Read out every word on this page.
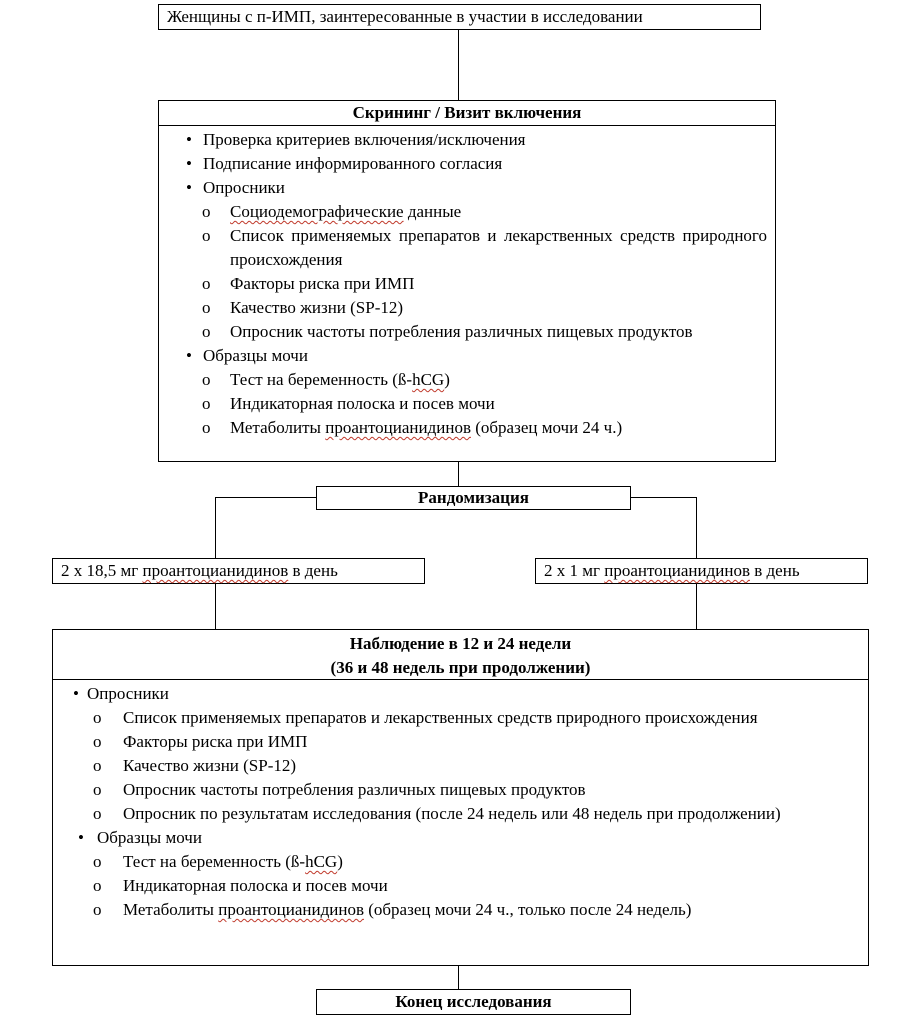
Женщины с п-ИМП, заинтересованные в участии в исследовании
Скрининг / Визит включения
• Проверка критериев включения/исключения
• Подписание информированного согласия
• Опросники
o Социодемографические данные
o Список применяемых препаратов и лекарственных средств природного происхождения
o Факторы риска при ИМП
o Качество жизни (SP-12)
o Опросник частоты потребления различных пищевых продуктов
• Образцы мочи
o Тест на беременность (ß-hCG)
o Индикаторная полоска и посев мочи
o Метаболиты проантоцианидинов (образец мочи 24 ч.)
Рандомизация
2 x 18,5 мг проантоцианидинов в день	2 x 1 мг проантоцианидинов в день
Наблюдение в 12 и 24 недели
(36 и 48 недель при продолжении)
• Опросники
o Список применяемых препаратов и лекарственных средств природного происхождения
o Факторы риска при ИМП
o Качество жизни (SP-12)
o Опросник частоты потребления различных пищевых продуктов
o Опросник по результатам исследования (после 24 недель или 48 недель при продолжении)
• Образцы мочи
o Тест на беременность (ß-hCG)
o Индикаторная полоска и посев мочи
o Метаболиты проантоцианидинов (образец мочи 24 ч., только после 24 недель)
Конец исследования
